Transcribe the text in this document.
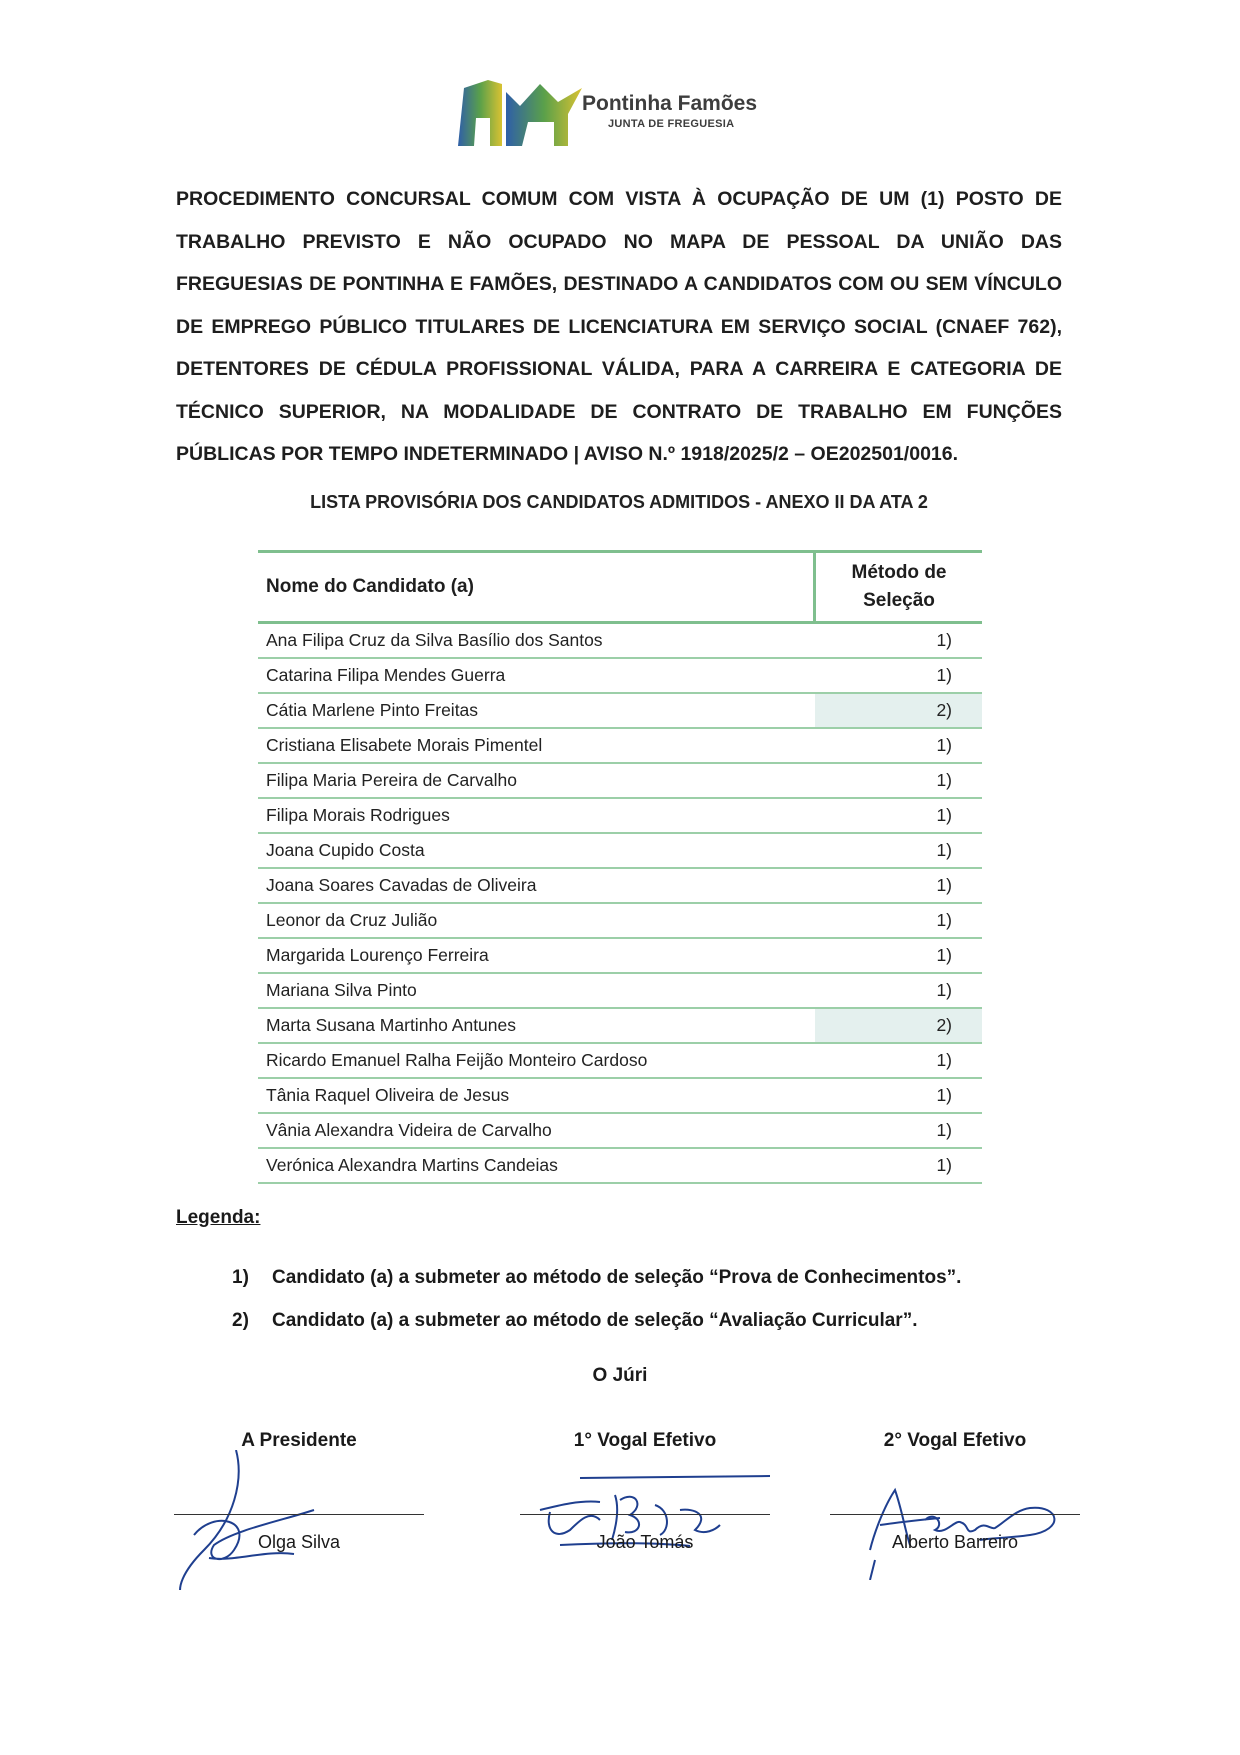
Pontinha Famões
JUNTA DE FREGUESIA
PROCEDIMENTO CONCURSAL COMUM COM VISTA À OCUPAÇÃO DE UM (1) POSTO DE TRABALHO PREVISTO E NÃO OCUPADO NO MAPA DE PESSOAL DA UNIÃO DAS FREGUESIAS DE PONTINHA E FAMÕES, DESTINADO A CANDIDATOS COM OU SEM VÍNCULO DE EMPREGO PÚBLICO TITULARES DE LICENCIATURA EM SERVIÇO SOCIAL (CNAEF 762), DETENTORES DE CÉDULA PROFISSIONAL VÁLIDA, PARA A CARREIRA E CATEGORIA DE TÉCNICO SUPERIOR, NA MODALIDADE DE CONTRATO DE TRABALHO EM FUNÇÕES PÚBLICAS POR TEMPO INDETERMINADO | AVISO N.º 1918/2025/2 – OE202501/0016.
LISTA PROVISÓRIA DOS CANDIDATOS ADMITIDOS - ANEXO II DA ATA 2
Nome do Candidato (a)	Método de
Seleção
Ana Filipa Cruz da Silva Basílio dos Santos	1)
Catarina Filipa Mendes Guerra	1)
Cátia Marlene Pinto Freitas	2)
Cristiana Elisabete Morais Pimentel	1)
Filipa Maria Pereira de Carvalho	1)
Filipa Morais Rodrigues	1)
Joana Cupido Costa	1)
Joana Soares Cavadas de Oliveira	1)
Leonor da Cruz Julião	1)
Margarida Lourenço Ferreira	1)
Mariana Silva Pinto	1)
Marta Susana Martinho Antunes	2)
Ricardo Emanuel Ralha Feijão Monteiro Cardoso	1)
Tânia Raquel Oliveira de Jesus	1)
Vânia Alexandra Videira de Carvalho	1)
Verónica Alexandra Martins Candeias	1)
Legenda:
1) Candidato (a) a submeter ao método de seleção “Prova de Conhecimentos”.
2) Candidato (a) a submeter ao método de seleção “Avaliação Curricular”.
O Júri
A Presidente
Olga Silva
1° Vogal Efetivo
João Tomás
2° Vogal Efetivo
Alberto Barreiro
